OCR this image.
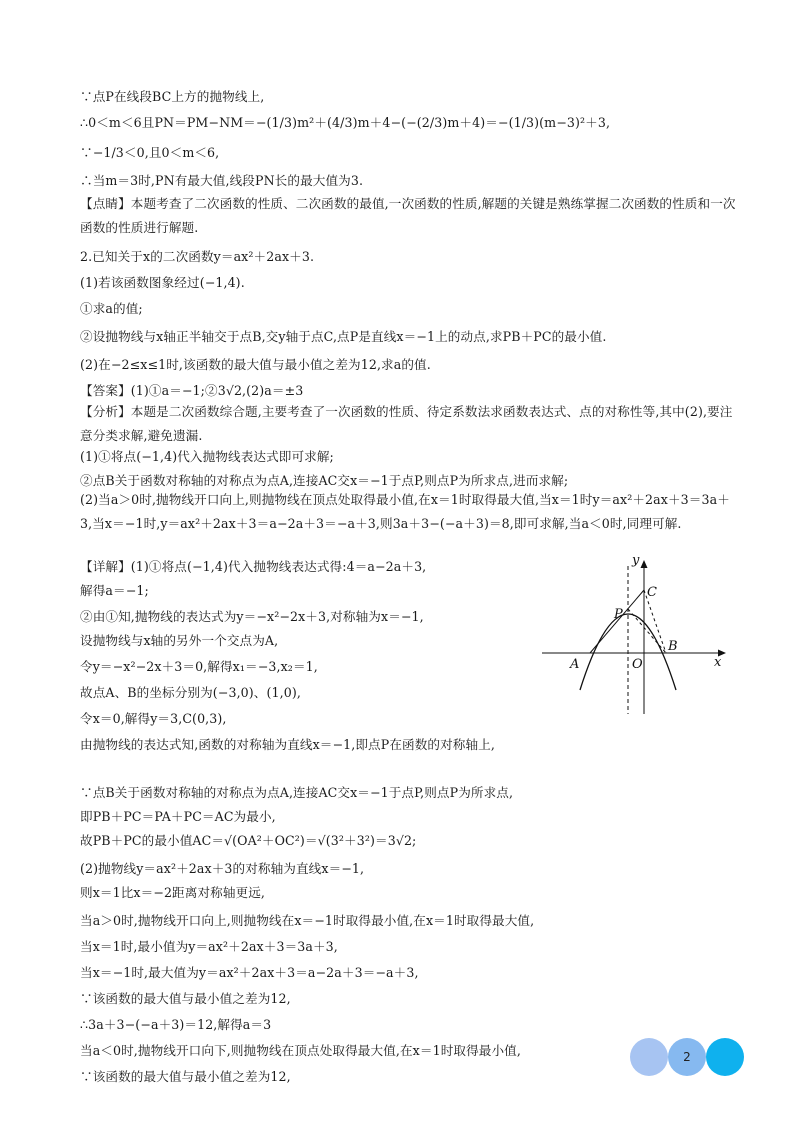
∵点P在线段BC上方的抛物线上,
∴0＜m＜6且PN＝PM−NM＝−(1/3)m²＋(4/3)m＋4−(−(2/3)m＋4)＝−(1/3)(m−3)²＋3,
∵−1/3＜0,且0＜m＜6,
∴当m＝3时,PN有最大值,线段PN长的最大值为3.
【点睛】本题考查了二次函数的性质、二次函数的最值,一次函数的性质,解题的关键是熟练掌握二次函数的性质和一次函数的性质进行解题.
2.已知关于x的二次函数y＝ax²＋2ax＋3.
(1)若该函数图象经过(−1,4).
①求a的值;
②设抛物线与x轴正半轴交于点B,交y轴于点C,点P是直线x＝−1上的动点,求PB＋PC的最小值.
(2)在−2≤x≤1时,该函数的最大值与最小值之差为12,求a的值.
【答案】(1)①a＝−1;②3√2,(2)a＝±3
【分析】本题是二次函数综合题,主要考查了一次函数的性质、待定系数法求函数表达式、点的对称性等,其中(2),要注意分类求解,避免遗漏.
(1)①将点(−1,4)代入抛物线表达式即可求解;
②点B关于函数对称轴的对称点为点A,连接AC交x＝−1于点P,则点P为所求点,进而求解;
(2)当a＞0时,抛物线开口向上,则抛物线在顶点处取得最小值,在x＝1时取得最大值,当x＝1时y＝ax²＋2ax＋3＝3a＋3,当x＝−1时,y＝ax²＋2ax＋3＝a−2a＋3＝−a＋3,则3a＋3−(−a＋3)＝8,即可求解,当a＜0时,同理可解.
【详解】(1)①将点(−1,4)代入抛物线表达式得:4＝a−2a＋3,
解得a＝−1;
②由①知,抛物线的表达式为y＝−x²−2x＋3,对称轴为x＝−1,
设抛物线与x轴的另外一个交点为A,
令y＝−x²−2x＋3＝0,解得x₁＝−3,x₂＝1,
故点A、B的坐标分别为(−3,0)、(1,0),
令x＝0,解得y＝3,C(0,3),
由抛物线的表达式知,函数的对称轴为直线x＝−1,即点P在函数的对称轴上,
∵点B关于函数对称轴的对称点为点A,连接AC交x＝−1于点P,则点P为所求点,
即PB＋PC＝PA＋PC＝AC为最小,
故PB＋PC的最小值AC＝√(OA²＋OC²)＝√(3²＋3²)＝3√2;
(2)抛物线y＝ax²＋2ax＋3的对称轴为直线x＝−1,
则x＝1比x＝−2距离对称轴更远,
当a＞0时,抛物线开口向上,则抛物线在x＝−1时取得最小值,在x＝1时取得最大值,
当x＝1时,最小值为y＝ax²＋2ax＋3＝3a＋3,
当x＝−1时,最大值为y＝ax²＋2ax＋3＝a−2a＋3＝−a＋3,
∵该函数的最大值与最小值之差为12,
∴3a＋3−(−a＋3)＝12,解得a＝3
当a＜0时,抛物线开口向下,则抛物线在顶点处取得最大值,在x＝1时取得最小值,
∵该函数的最大值与最小值之差为12,
y
x
C
P
B
A	O
2
